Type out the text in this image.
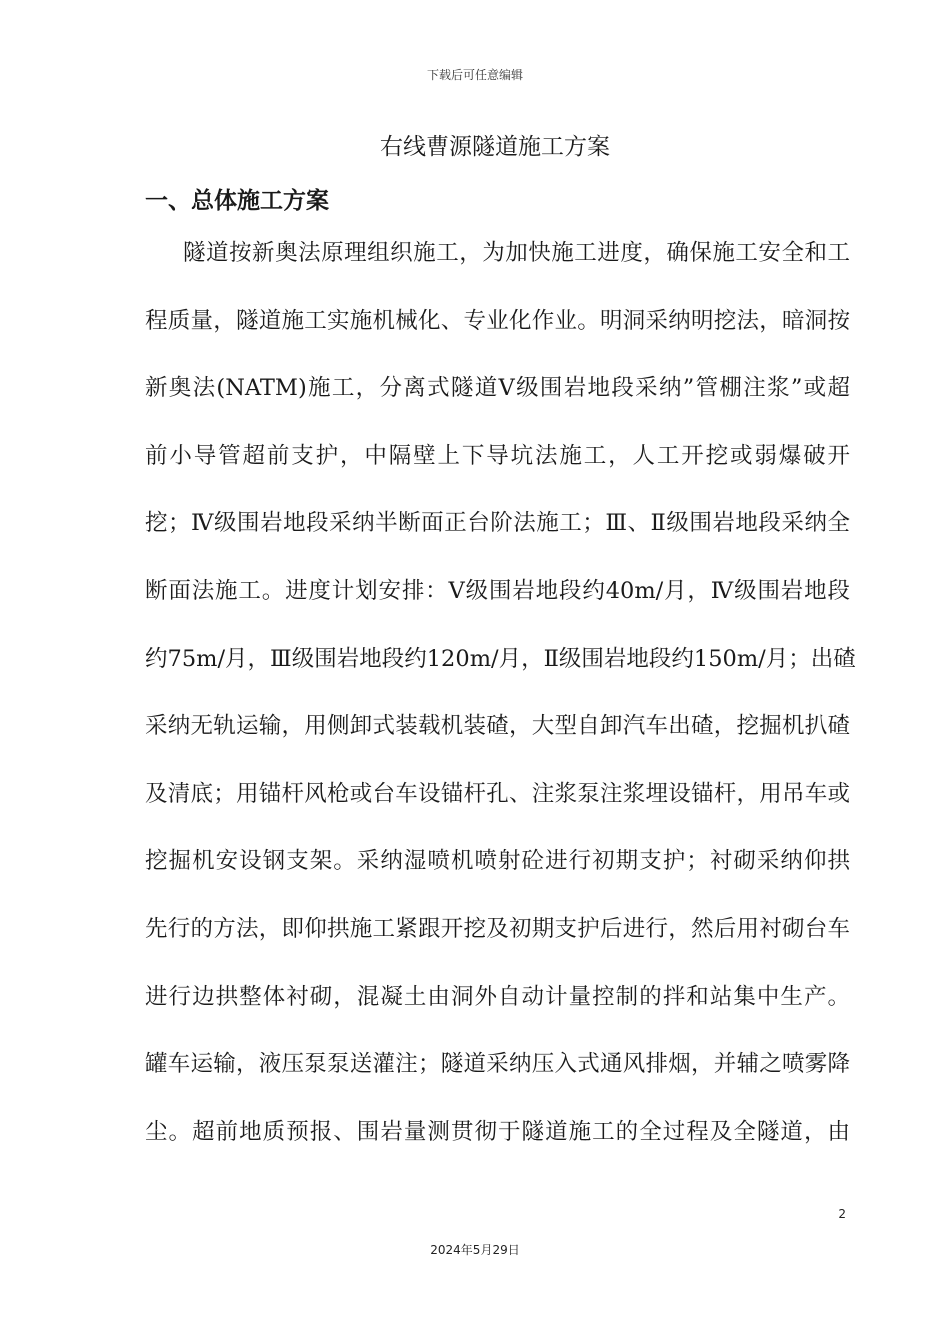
下载后可任意编辑
右线曹源隧道施工方案
一、总体施工方案
隧道按新奥法原理组织施工，为加快施工进度，确保施工安全和工
程质量，隧道施工实施机械化、专业化作业。明洞采纳明挖法，暗洞按
新奥法(NATM)施工，分离式隧道Ⅴ级围岩地段采纳”管棚注浆”或超
前小导管超前支护，中隔壁上下导坑法施工，人工开挖或弱爆破开
挖；Ⅳ级围岩地段采纳半断面正台阶法施工；Ⅲ、Ⅱ级围岩地段采纳全
断面法施工。进度计划安排：Ⅴ级围岩地段约40m/月，Ⅳ级围岩地段
约75m/月，Ⅲ级围岩地段约120m/月，Ⅱ级围岩地段约150m/月；出碴
采纳无轨运输，用侧卸式装载机装碴，大型自卸汽车出碴，挖掘机扒碴
及清底；用锚杆风枪或台车设锚杆孔、注浆泵注浆埋设锚杆，用吊车或
挖掘机安设钢支架。采纳湿喷机喷射砼进行初期支护；衬砌采纳仰拱
先行的方法，即仰拱施工紧跟开挖及初期支护后进行，然后用衬砌台车
进行边拱整体衬砌，混凝土由洞外自动计量控制的拌和站集中生产。
罐车运输，液压泵泵送灌注；隧道采纳压入式通风排烟，并辅之喷雾降
尘。超前地质预报、围岩量测贯彻于隧道施工的全过程及全隧道，由
2
2024年5月29日
